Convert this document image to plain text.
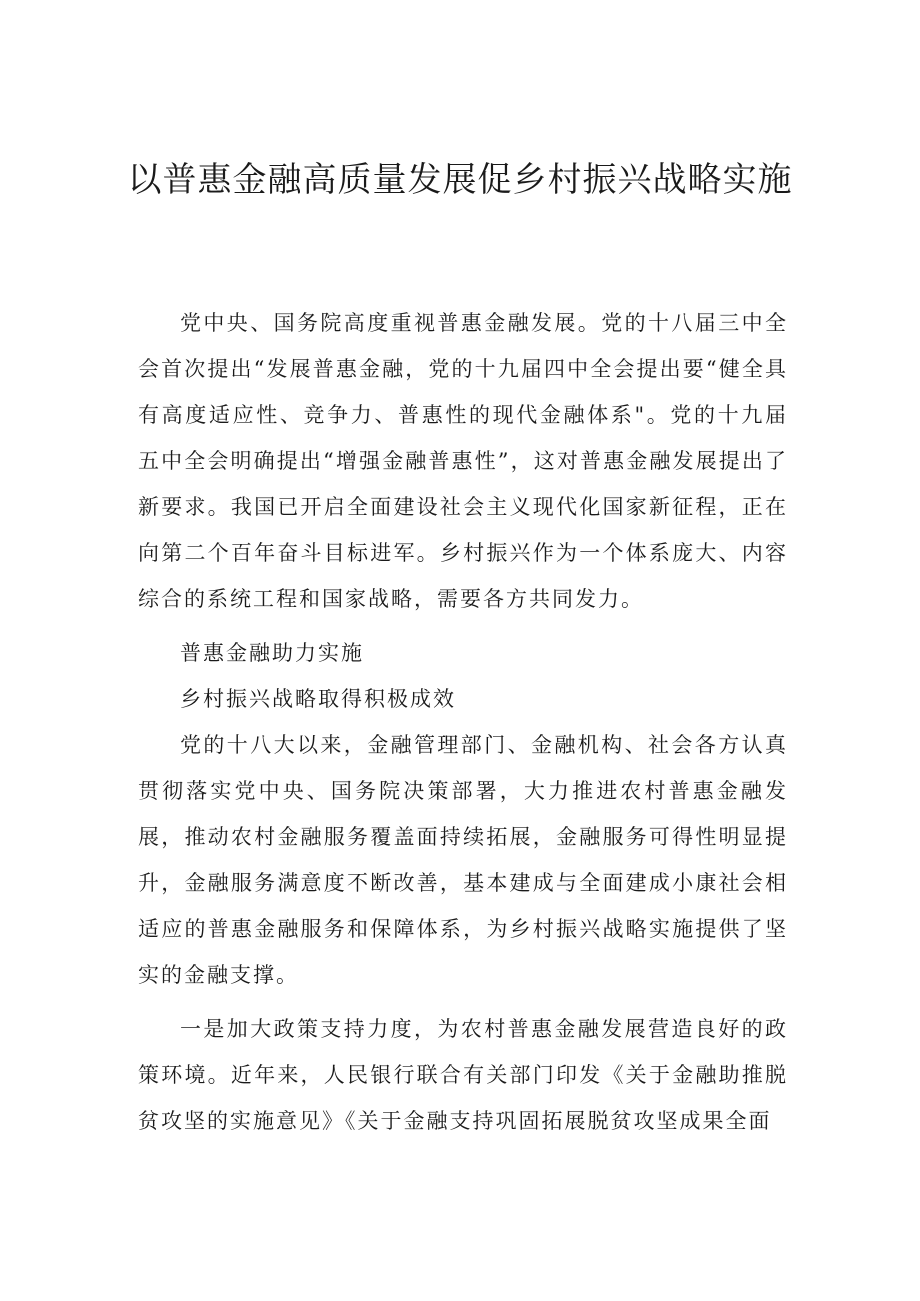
以普惠金融高质量发展促乡村振兴战略实施

党中央、国务院高度重视普惠金融发展。党的十八届三中全会首次提出“发展普惠金融，党的十九届四中全会提出要“健全具有高度适应性、竞争力、普惠性的现代金融体系"。党的十九届五中全会明确提出“增强金融普惠性”，这对普惠金融发展提出了新要求。我国已开启全面建设社会主义现代化国家新征程，正在向第二个百年奋斗目标进军。乡村振兴作为一个体系庞大、内容综合的系统工程和国家战略，需要各方共同发力。

普惠金融助力实施

乡村振兴战略取得积极成效

党的十八大以来，金融管理部门、金融机构、社会各方认真贯彻落实党中央、国务院决策部署，大力推进农村普惠金融发展，推动农村金融服务覆盖面持续拓展，金融服务可得性明显提升，金融服务满意度不断改善，基本建成与全面建成小康社会相适应的普惠金融服务和保障体系，为乡村振兴战略实施提供了坚实的金融支撑。

一是加大政策支持力度，为农村普惠金融发展营造良好的政策环境。近年来，人民银行联合有关部门印发《关于金融助推脱贫攻坚的实施意见》《关于金融支持巩固拓展脱贫攻坚成果全面
